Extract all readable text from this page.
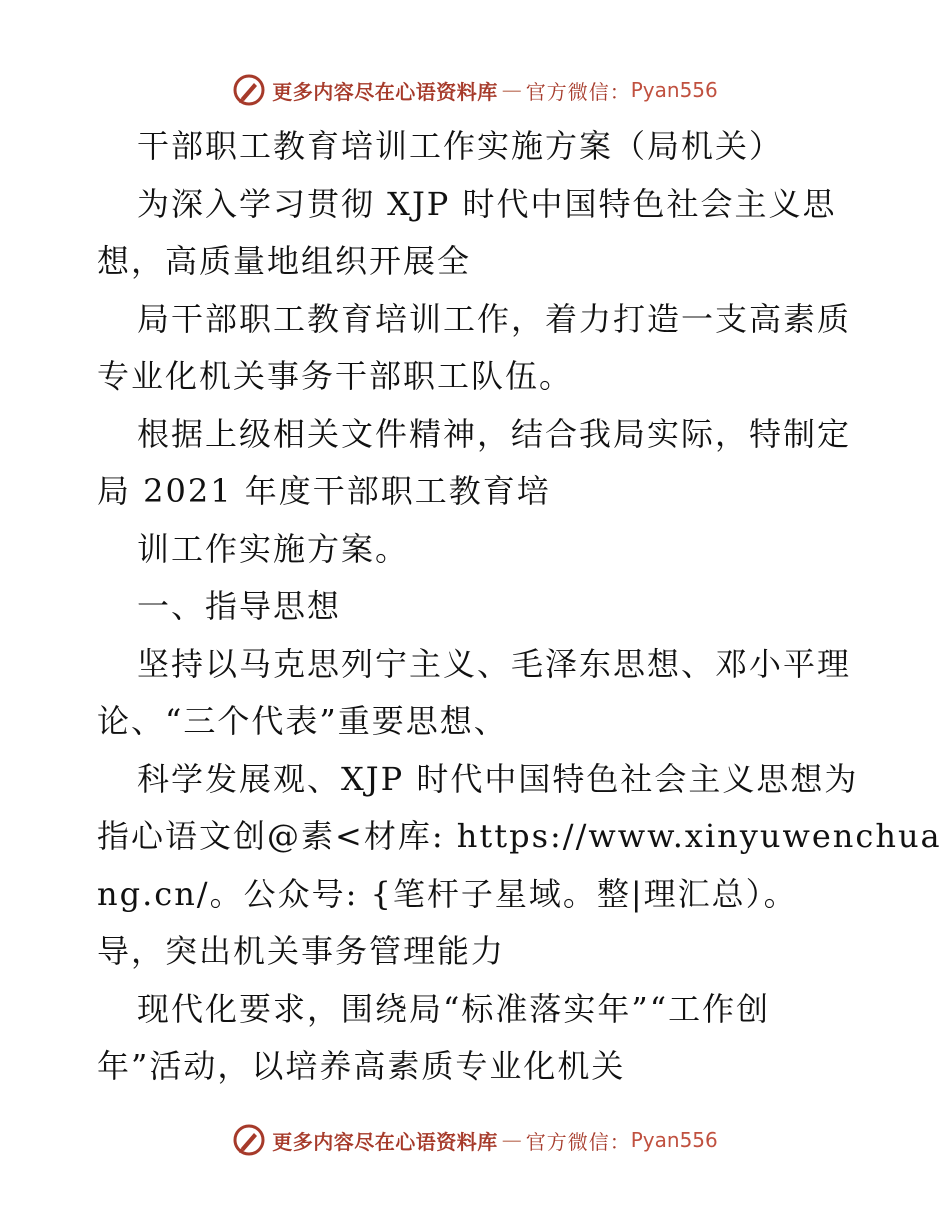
更多内容尽在心语资料库 — 官方微信： Pyan556
干部职工教育培训工作实施方案（局机关）
为深入学习贯彻 XJP 时代中国特色社会主义思
想，高质量地组织开展全
局干部职工教育培训工作，着力打造一支高素质
专业化机关事务干部职工队伍。
根据上级相关文件精神，结合我局实际，特制定
局 2021 年度干部职工教育培
训工作实施方案。
一、指导思想
坚持以马克思列宁主义、毛泽东思想、邓小平理
论、“三个代表”重要思想、
科学发展观、XJP 时代中国特色社会主义思想为
指心语文创@素<材库: https://www.xinyuwenchua
ng.cn/。公众号: {笔杆子星域。整|理汇总）。
导，突出机关事务管理能力
现代化要求，围绕局“标准落实年”“工作创
年”活动，以培养高素质专业化机关
更多内容尽在心语资料库 — 官方微信： Pyan556
